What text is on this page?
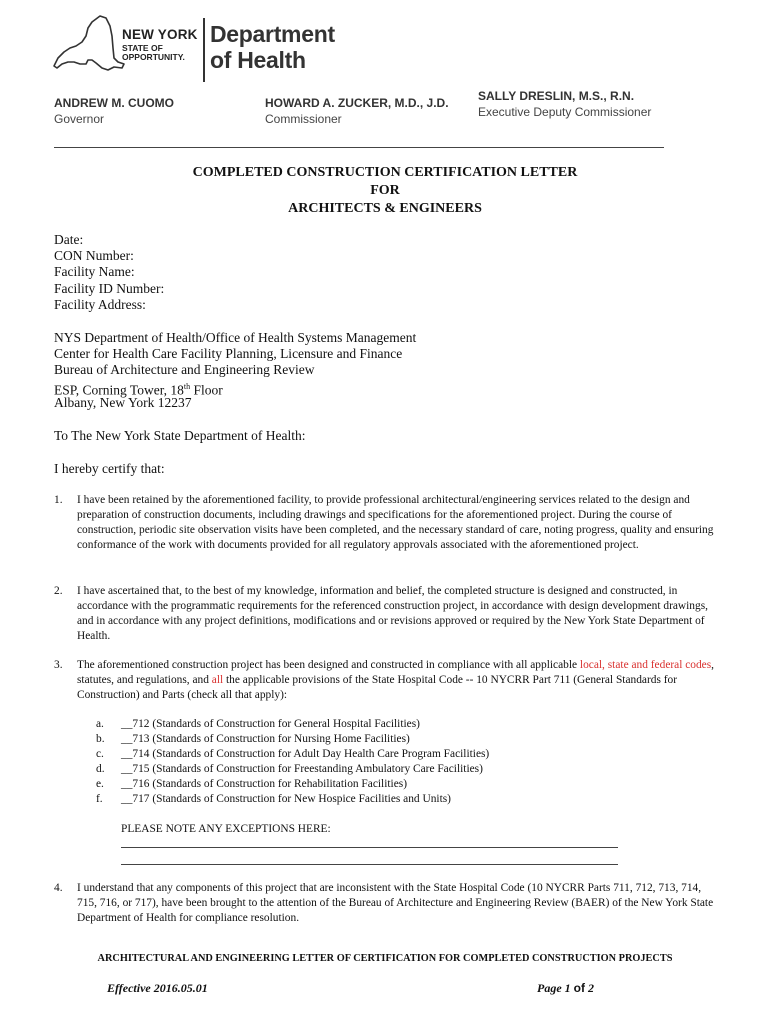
NEW YORK
STATE OF
OPPORTUNITY.
Department
of Health
ANDREW M. CUOMO
Governor
HOWARD A. ZUCKER, M.D., J.D.
Commissioner
SALLY DRESLIN, M.S., R.N.
Executive Deputy Commissioner
COMPLETED CONSTRUCTION CERTIFICATION LETTER
FOR
ARCHITECTS & ENGINEERS
Date:
CON Number:
Facility Name:
Facility ID Number:
Facility Address:
NYS Department of Health/Office of Health Systems Management
Center for Health Care Facility Planning, Licensure and Finance
Bureau of Architecture and Engineering Review
ESP, Corning Tower, 18th Floor
Albany, New York 12237
To The New York State Department of Health:
I hereby certify that:
1. I have been retained by the aforementioned facility, to provide professional architectural/engineering services related to the design and preparation of construction documents, including drawings and specifications for the aforementioned project. During the course of construction, periodic site observation visits have been completed, and the necessary standard of care, noting progress, quality and ensuring conformance of the work with documents provided for all regulatory approvals associated with the aforementioned project.
2. I have ascertained that, to the best of my knowledge, information and belief, the completed structure is designed and constructed, in accordance with the programmatic requirements for the referenced construction project, in accordance with design development drawings, and in accordance with any project definitions, modifications and or revisions approved or required by the New York State Department of Health.
3. The aforementioned construction project has been designed and constructed in compliance with all applicable local, state and federal codes, statutes, and regulations, and all the applicable provisions of the State Hospital Code -- 10 NYCRR Part 711 (General Standards for Construction) and Parts (check all that apply):
a. __712 (Standards of Construction for General Hospital Facilities)
b. __713 (Standards of Construction for Nursing Home Facilities)
c. __714 (Standards of Construction for Adult Day Health Care Program Facilities)
d. __715 (Standards of Construction for Freestanding Ambulatory Care Facilities)
e. __716 (Standards of Construction for Rehabilitation Facilities)
f. __717 (Standards of Construction for New Hospice Facilities and Units)
PLEASE NOTE ANY EXCEPTIONS HERE:
4. I understand that any components of this project that are inconsistent with the State Hospital Code (10 NYCRR Parts 711, 712, 713, 714, 715, 716, or 717), have been brought to the attention of the Bureau of Architecture and Engineering Review (BAER) of the New York State Department of Health for compliance resolution.
ARCHITECTURAL AND ENGINEERING LETTER OF CERTIFICATION FOR COMPLETED CONSTRUCTION PROJECTS
Effective 2016.05.01	Page 1 of 2
